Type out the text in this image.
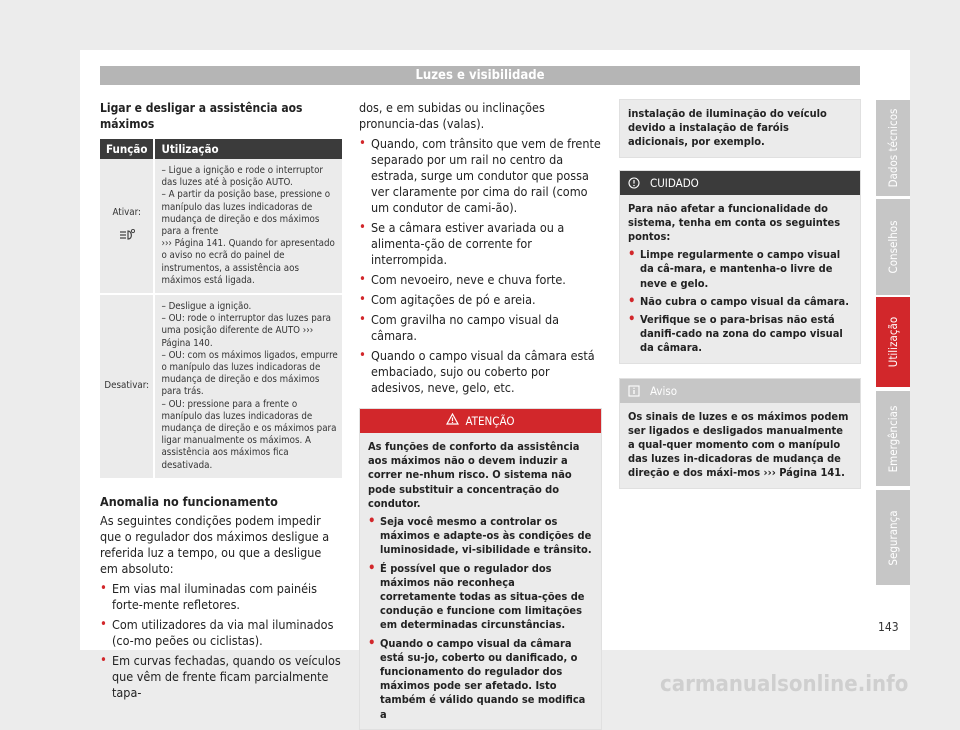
Luzes e visibilidade
Ligar e desligar a assistência aos máximos
Função	Utilização

Ativar:	– Ligue a ignição e rode o interruptor das luzes até à posição AUTO.
– A partir da posição base, pressione o manípulo das luzes indicadoras de mudança de direção e dos máximos para a frente
››› Página 141. Quando for apresentado o aviso no ecrã do painel de instrumentos, a assistência aos máximos está ligada.

Desativar:	– Desligue a ignição.
– OU: rode o interruptor das luzes para uma posição diferente de AUTO ››› Página 140.
– OU: com os máximos ligados, empurre o manípulo das luzes indicadoras de mudança de direção e dos máximos para trás.
– OU: pressione para a frente o manípulo das luzes indicadoras de mudança de direção e os máximos para ligar manualmente os máximos. A assistência aos máximos fica desativada.
Anomalia no funcionamento
As seguintes condições podem impedir que o regulador dos máximos desligue a referida luz a tempo, ou que a desligue em absoluto:
• Em vias mal iluminadas com painéis forte-mente refletores.
• Com utilizadores da via mal iluminados (co-mo peões ou ciclistas).
• Em curvas fechadas, quando os veículos que vêm de frente ficam parcialmente tapa-
dos, e em subidas ou inclinações pronuncia-das (valas).
• Quando, com trânsito que vem de frente separado por um rail no centro da estrada, surge um condutor que possa ver claramente por cima do rail (como um condutor de cami-ão).
• Se a câmara estiver avariada ou a alimenta-ção de corrente for interrompida.
• Com nevoeiro, neve e chuva forte.
• Com agitações de pó e areia.
• Com gravilha no campo visual da câmara.
• Quando o campo visual da câmara está embaciado, sujo ou coberto por adesivos, neve, gelo, etc.
ATENÇÃO
As funções de conforto da assistência aos máximos não o devem induzir a correr ne-nhum risco. O sistema não pode substituir a concentração do condutor.
• Seja você mesmo a controlar os máximos e adapte-os às condições de luminosidade, vi-sibilidade e trânsito.
• É possível que o regulador dos máximos não reconheça corretamente todas as situa-ções de condução e funcione com limitações em determinadas circunstâncias.
• Quando o campo visual da câmara está su-jo, coberto ou danificado, o funcionamento do regulador dos máximos pode ser afetado. Isto também é válido quando se modifica a
instalação de iluminação do veículo devido a instalação de faróis adicionais, por exemplo.
CUIDADO
Para não afetar a funcionalidade do sistema, tenha em conta os seguintes pontos:
• Limpe regularmente o campo visual da câ-mara, e mantenha-o livre de neve e gelo.
• Não cubra o campo visual da câmara.
• Verifique se o para-brisas não está danifi-cado na zona do campo visual da câmara.
Aviso
Os sinais de luzes e os máximos podem ser ligados e desligados manualmente a qual-quer momento com o manípulo das luzes in-dicadoras de mudança de direção e dos máxi-mos ››› Página 141.
Dados técnicos
Conselhos
Utilização
Emergências
Segurança
143
carmanualsonline.info
